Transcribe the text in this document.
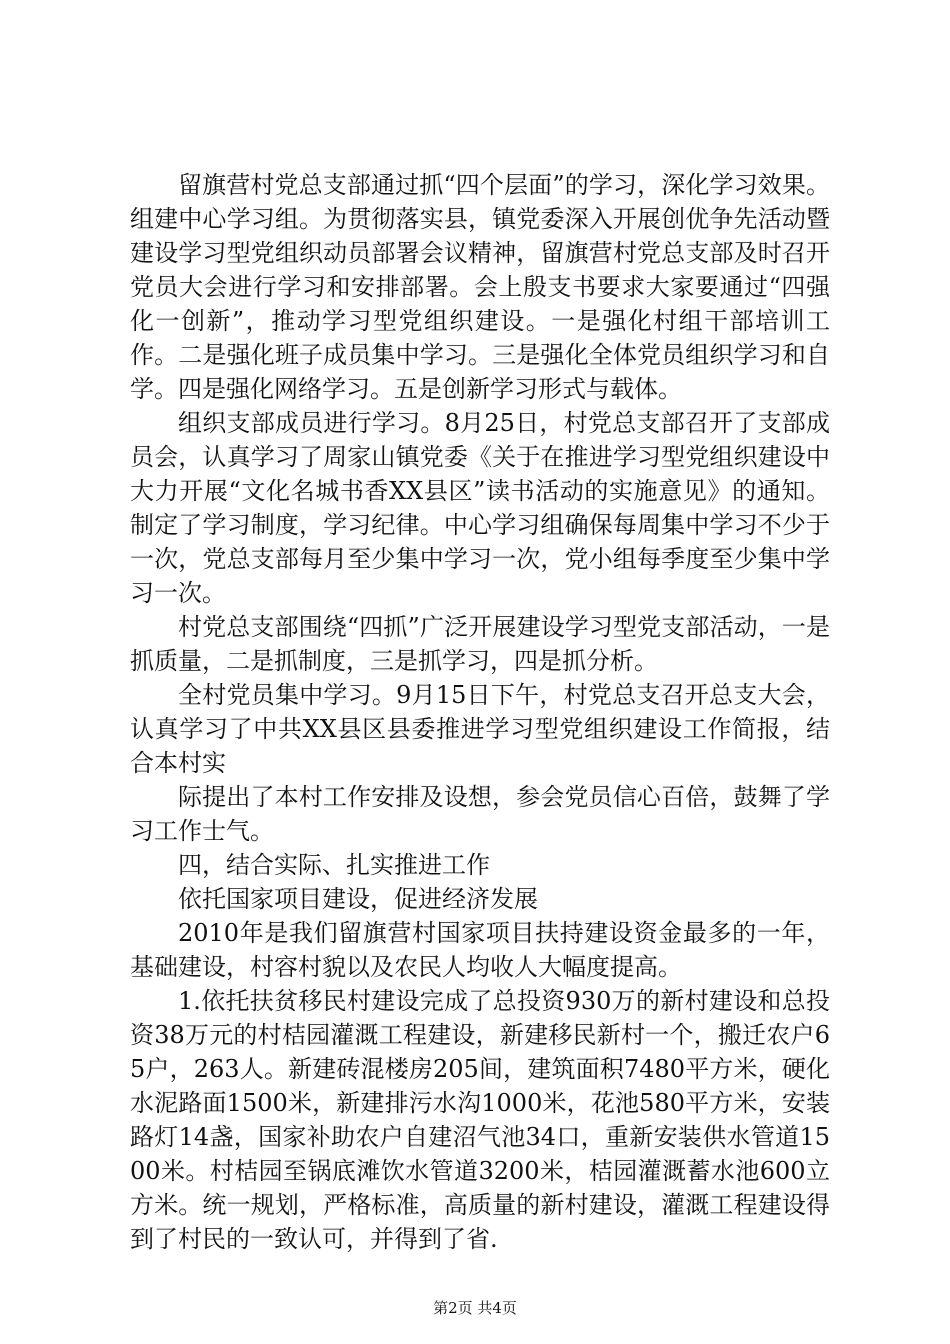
留旗营村党总支部通过抓“四个层面”的学习，深化学习效果。组建中心学习组。为贯彻落实县，镇党委深入开展创优争先活动暨建设学习型党组织动员部署会议精神，留旗营村党总支部及时召开党员大会进行学习和安排部署。会上殷支书要求大家要通过“四强化一创新”，推动学习型党组织建设。一是强化村组干部培训工作。二是强化班子成员集中学习。三是强化全体党员组织学习和自学。四是强化网络学习。五是创新学习形式与载体。

组织支部成员进行学习。8月25日，村党总支部召开了支部成员会，认真学习了周家山镇党委《关于在推进学习型党组织建设中大力开展“文化名城书香XX县区”读书活动的实施意见》的通知。制定了学习制度，学习纪律。中心学习组确保每周集中学习不少于一次，党总支部每月至少集中学习一次，党小组每季度至少集中学习一次。

村党总支部围绕“四抓”广泛开展建设学习型党支部活动，一是抓质量，二是抓制度，三是抓学习，四是抓分析。

全村党员集中学习。9月15日下午，村党总支召开总支大会，认真学习了中共XX县区县委推进学习型党组织建设工作简报，结合本村实

际提出了本村工作安排及设想，参会党员信心百倍，鼓舞了学习工作士气。

四，结合实际、扎实推进工作

依托国家项目建设，促进经济发展

2010年是我们留旗营村国家项目扶持建设资金最多的一年，基础建设，村容村貌以及农民人均收人大幅度提高。

1.依托扶贫移民村建设完成了总投资930万的新村建设和总投资38万元的村桔园灌溉工程建设，新建移民新村一个，搬迁农户65户，263人。新建砖混楼房205间，建筑面积7480平方米，硬化水泥路面1500米，新建排污水沟1000米，花池580平方米，安装路灯14盏，国家补助农户自建沼气池34口，重新安装供水管道1500米。村桔园至锅底滩饮水管道3200米，桔园灌溉蓄水池600立方米。统一规划，严格标准，高质量的新村建设，灌溉工程建设得到了村民的一致认可，并得到了省.

第2页 共4页
